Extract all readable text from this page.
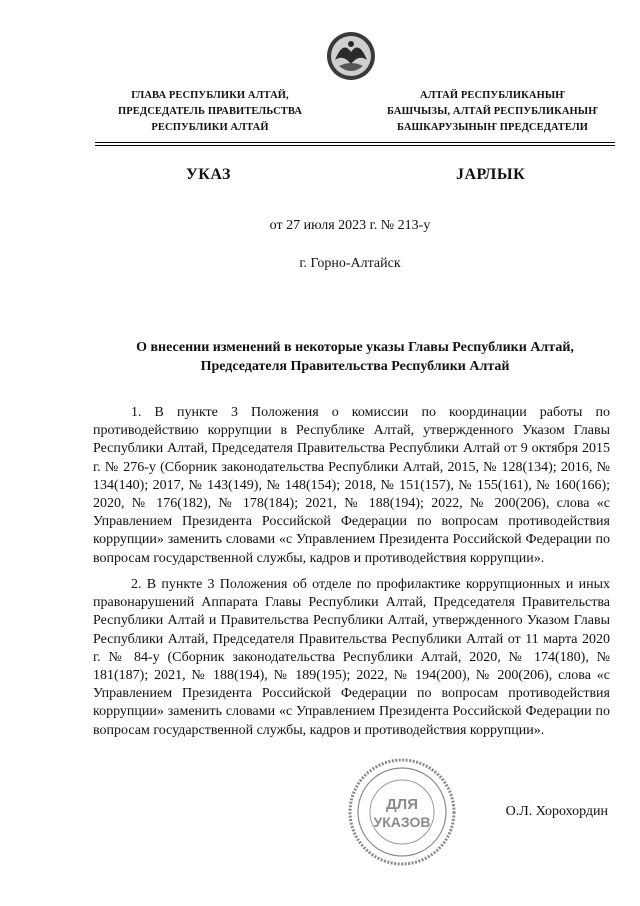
ГЛАВА РЕСПУБЛИКИ АЛТАЙ,
ПРЕДСЕДАТЕЛЬ ПРАВИТЕЛЬСТВА
РЕСПУБЛИКИ АЛТАЙ
АЛТАЙ РЕСПУБЛИКАНЫҤ
БАШЧЫЗЫ, АЛТАЙ РЕСПУБЛИКАНЫҤ
БАШКАРУЗЫНЫҤ ПРЕДСЕДАТЕЛИ
УКАЗ	JАРЛЫК
от 27 июля 2023 г. № 213-у
г. Горно-Алтайск
О внесении изменений в некоторые указы Главы Республики Алтай,
Председателя Правительства Республики Алтай
1. В пункте 3 Положения о комиссии по координации работы по противодействию коррупции в Республике Алтай, утвержденного Указом Главы Республики Алтай, Председателя Правительства Республики Алтай от 9 октября 2015 г. № 276-у (Сборник законодательства Республики Алтай, 2015, № 128(134); 2016, № 134(140); 2017, № 143(149), № 148(154); 2018, № 151(157), № 155(161), № 160(166); 2020, № 176(182), № 178(184); 2021, № 188(194); 2022, № 200(206), слова «с Управлением Президента Российской Федерации по вопросам противодействия коррупции» заменить словами «с Управлением Президента Российской Федерации по вопросам государственной службы, кадров и противодействия коррупции».
2. В пункте 3 Положения об отделе по профилактике коррупционных и иных правонарушений Аппарата Главы Республики Алтай, Председателя Правительства Республики Алтай и Правительства Республики Алтай, утвержденного Указом Главы Республики Алтай, Председателя Правительства Республики Алтай от 11 марта 2020 г. № 84-у (Сборник законодательства Республики Алтай, 2020, № 174(180), № 181(187); 2021, № 188(194), № 189(195); 2022, № 194(200), № 200(206), слова «с Управлением Президента Российской Федерации по вопросам противодействия коррупции» заменить словами «с Управлением Президента Российской Федерации по вопросам государственной службы, кадров и противодействия коррупции».
ДЛЯ
УКАЗОВ
О.Л. Хорохордин
